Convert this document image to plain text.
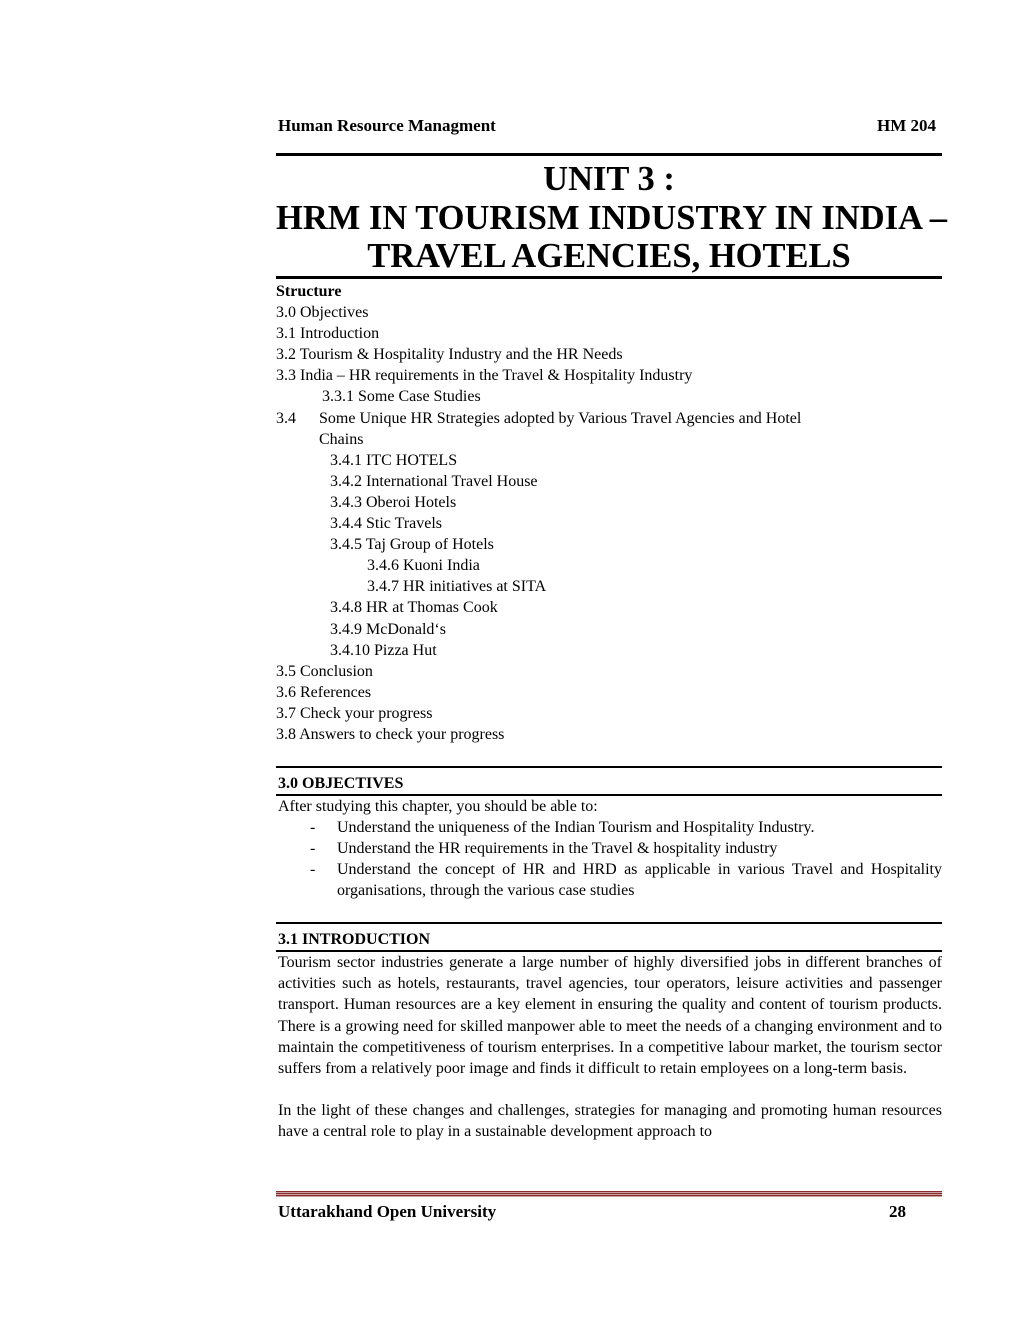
Human Resource Managment	HM 204
UNIT 3 :
HRM IN TOURISM INDUSTRY IN INDIA –
TRAVEL AGENCIES, HOTELS
Structure
3.0 Objectives
3.1 Introduction
3.2 Tourism & Hospitality Industry and the HR Needs
3.3 India – HR requirements in the Travel & Hospitality Industry
3.3.1 Some Case Studies
3.4 Some Unique HR Strategies adopted by Various Travel Agencies and Hotel
Chains
3.4.1 ITC HOTELS
3.4.2 International Travel House
3.4.3 Oberoi Hotels
3.4.4 Stic Travels
3.4.5 Taj Group of Hotels
3.4.6 Kuoni India
3.4.7 HR initiatives at SITA
3.4.8 HR at Thomas Cook
3.4.9 McDonald‘s
3.4.10 Pizza Hut
3.5 Conclusion
3.6 References
3.7 Check your progress
3.8 Answers to check your progress
3.0 OBJECTIVES
After studying this chapter, you should be able to:
-	Understand the uniqueness of the Indian Tourism and Hospitality Industry.
-	Understand the HR requirements in the Travel & hospitality industry
-	Understand the concept of HR and HRD as applicable in various Travel and Hospitality organisations, through the various case studies
3.1 INTRODUCTION
Tourism sector industries generate a large number of highly diversified jobs in different branches of activities such as hotels, restaurants, travel agencies, tour operators, leisure activities and passenger transport. Human resources are a key element in ensuring the quality and content of tourism products. There is a growing need for skilled manpower able to meet the needs of a changing environment and to maintain the competitiveness of tourism enterprises. In a competitive labour market, the tourism sector suffers from a relatively poor image and finds it difficult to retain employees on a long-term basis.
In the light of these changes and challenges, strategies for managing and promoting human resources have a central role to play in a sustainable development approach to
Uttarakhand Open University	28
